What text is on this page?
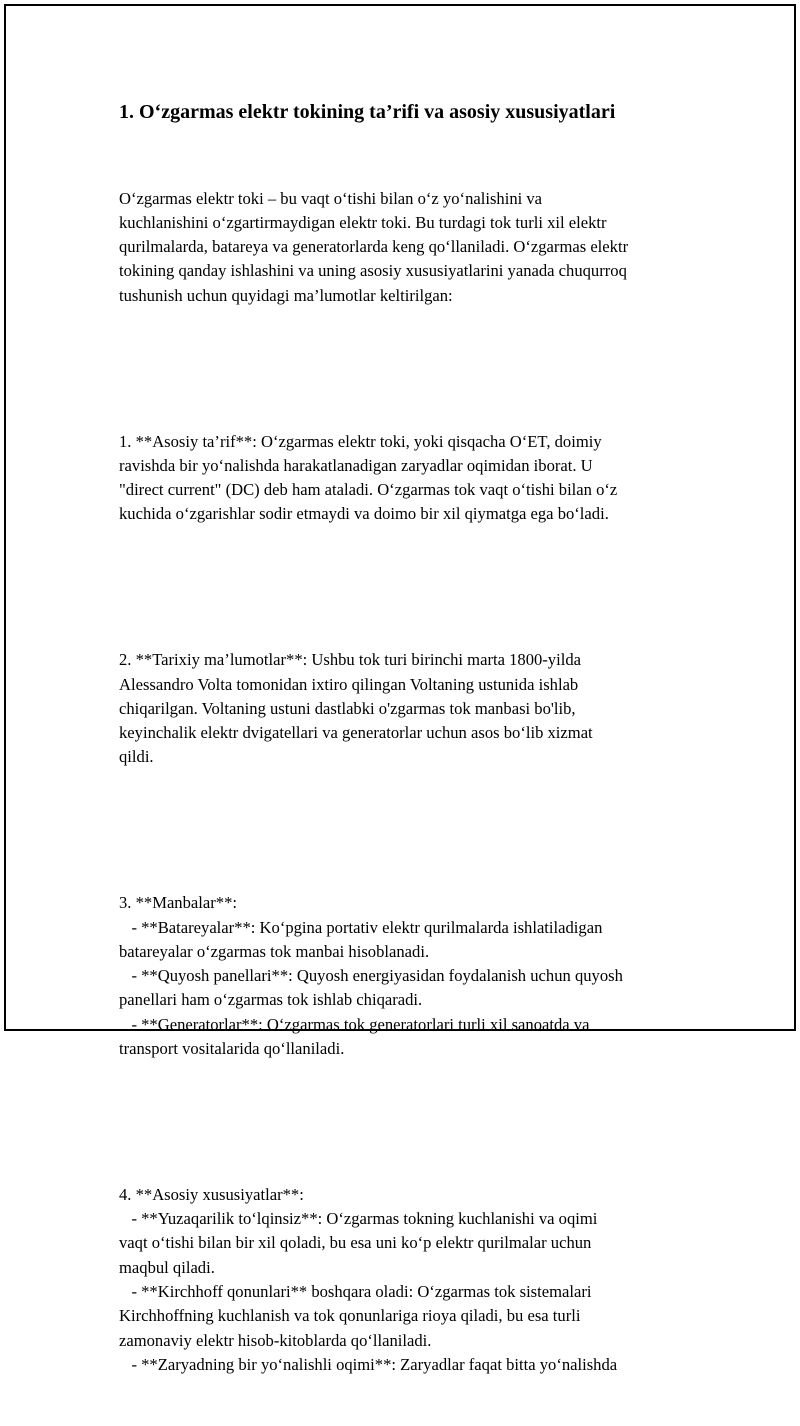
1. O‘zgarmas elektr tokining ta’rifi va asosiy xususiyatlari

O‘zgarmas elektr toki – bu vaqt o‘tishi bilan o‘z yo‘nalishini va
kuchlanishini o‘zgartirmaydigan elektr toki. Bu turdagi tok turli xil elektr
qurilmalarda, batareya va generatorlarda keng qo‘llaniladi. O‘zgarmas elektr
tokining qanday ishlashini va uning asosiy xususiyatlarini yanada chuqurroq
tushunish uchun quyidagi ma’lumotlar keltirilgan:

1. **Asosiy ta’rif**: O‘zgarmas elektr toki, yoki qisqacha O‘ET, doimiy
ravishda bir yo‘nalishda harakatlanadigan zaryadlar oqimidan iborat. U
"direct current" (DC) deb ham ataladi. O‘zgarmas tok vaqt o‘tishi bilan o‘z
kuchida o‘zgarishlar sodir etmaydi va doimo bir xil qiymatga ega bo‘ladi.

2. **Tarixiy ma’lumotlar**: Ushbu tok turi birinchi marta 1800-yilda
Alessandro Volta tomonidan ixtiro qilingan Voltaning ustunida ishlab
chiqarilgan. Voltaning ustuni dastlabki o'zgarmas tok manbasi bo'lib,
keyinchalik elektr dvigatellari va generatorlar uchun asos bo‘lib xizmat
qildi.

3. **Manbalar**:
- **Batareyalar**: Ko‘pgina portativ elektr qurilmalarda ishlatiladigan
batareyalar o‘zgarmas tok manbai hisoblanadi.
- **Quyosh panellari**: Quyosh energiyasidan foydalanish uchun quyosh
panellari ham o‘zgarmas tok ishlab chiqaradi.
- **Generatorlar**: O‘zgarmas tok generatorlari turli xil sanoatda va
transport vositalarida qo‘llaniladi.

4. **Asosiy xususiyatlar**:
- **Yuzaqarilik to‘lqinsiz**: O‘zgarmas tokning kuchlanishi va oqimi
vaqt o‘tishi bilan bir xil qoladi, bu esa uni ko‘p elektr qurilmalar uchun
maqbul qiladi.
- **Kirchhoff qonunlari** boshqara oladi: O‘zgarmas tok sistemalari
Kirchhoffning kuchlanish va tok qonunlariga rioya qiladi, bu esa turli
zamonaviy elektr hisob-kitoblarda qo‘llaniladi.
- **Zaryadning bir yo‘nalishli oqimi**: Zaryadlar faqat bitta yo‘nalishda
